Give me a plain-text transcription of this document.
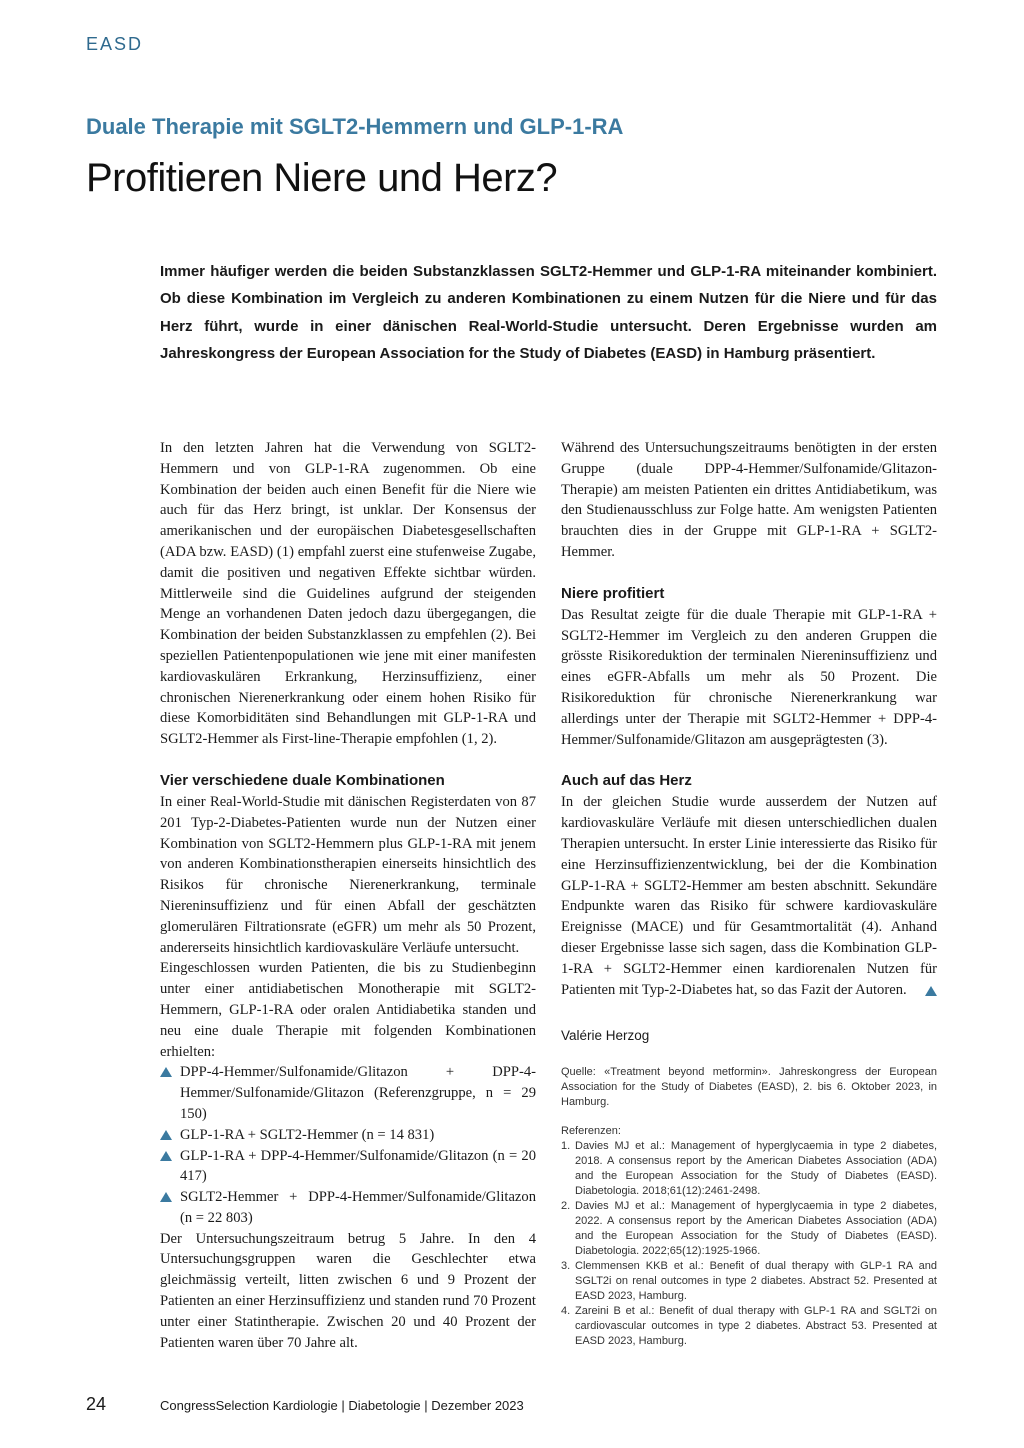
EASD
Duale Therapie mit SGLT2-Hemmern und GLP-1-RA
Profitieren Niere und Herz?

Immer häufiger werden die beiden Substanzklassen SGLT2-Hemmer und GLP-1-RA miteinander kombiniert. Ob diese Kombination im Vergleich zu anderen Kombinationen zu einem Nutzen für die Niere und für das Herz führt, wurde in einer dänischen Real-World-Studie untersucht. Deren Ergebnisse wurden am Jahreskongress der European Association for the Study of Diabetes (EASD) in Hamburg präsentiert.

In den letzten Jahren hat die Verwendung von SGLT2-Hemmern und von GLP-1-RA zugenommen. Ob eine Kombination der beiden auch einen Benefit für die Niere wie auch für das Herz bringt, ist unklar. Der Konsensus der amerikanischen und der europäischen Diabetesgesellschaften (ADA bzw. EASD) (1) empfahl zuerst eine stufenweise Zugabe, damit die positiven und negativen Effekte sichtbar würden. Mittlerweile sind die Guidelines aufgrund der steigenden Menge an vorhandenen Daten jedoch dazu übergegangen, die Kombination der beiden Substanzklassen zu empfehlen (2). Bei speziellen Patientenpopulationen wie jene mit einer manifesten kardiovaskulären Erkrankung, Herzinsuffizienz, einer chronischen Nierenerkrankung oder einem hohen Risiko für diese Komorbiditäten sind Behandlungen mit GLP-1-RA und SGLT2-Hemmer als First-line-Therapie empfohlen (1, 2).

Vier verschiedene duale Kombinationen

In einer Real-World-Studie mit dänischen Registerdaten von 87 201 Typ-2-Diabetes-Patienten wurde nun der Nutzen einer Kombination von SGLT2-Hemmern plus GLP-1-RA mit jenem von anderen Kombinationstherapien einerseits hinsichtlich des Risikos für chronische Nierenerkrankung, terminale Niereninsuffizienz und für einen Abfall der geschätzten glomerulären Filtrationsrate (eGFR) um mehr als 50 Prozent, andererseits hinsichtlich kardiovaskuläre Verläufe untersucht.

Eingeschlossen wurden Patienten, die bis zu Studienbeginn unter einer antidiabetischen Monotherapie mit SGLT2-Hemmern, GLP-1-RA oder oralen Antidiabetika standen und neu eine duale Therapie mit folgenden Kombinationen erhielten:

DPP-4-Hemmer/Sulfonamide/Glitazon + DPP-4-Hemmer/Sulfonamide/Glitazon (Referenzgruppe, n = 29 150)
GLP-1-RA + SGLT2-Hemmer (n = 14 831)
GLP-1-RA + DPP-4-Hemmer/Sulfonamide/Glitazon (n = 20 417)
SGLT2-Hemmer + DPP-4-Hemmer/Sulfonamide/Glitazon (n = 22 803)

Der Untersuchungszeitraum betrug 5 Jahre. In den 4 Untersuchungsgruppen waren die Geschlechter etwa gleichmässig verteilt, litten zwischen 6 und 9 Prozent der Patienten an einer Herzinsuffizienz und standen rund 70 Prozent unter einer Statintherapie. Zwischen 20 und 40 Prozent der Patienten waren über 70 Jahre alt.

Während des Untersuchungszeitraums benötigten in der ersten Gruppe (duale DPP-4-Hemmer/Sulfonamide/Glitazon-Therapie) am meisten Patienten ein drittes Antidiabetikum, was den Studienausschluss zur Folge hatte. Am wenigsten Patienten brauchten dies in der Gruppe mit GLP-1-RA + SGLT2-Hemmer.

Niere profitiert

Das Resultat zeigte für die duale Therapie mit GLP-1-RA + SGLT2-Hemmer im Vergleich zu den anderen Gruppen die grösste Risikoreduktion der terminalen Niereninsuffizienz und eines eGFR-Abfalls um mehr als 50 Prozent. Die Risikoreduktion für chronische Nierenerkrankung war allerdings unter der Therapie mit SGLT2-Hemmer + DPP-4-Hemmer/Sulfonamide/Glitazon am ausgeprägtesten (3).

Auch auf das Herz

In der gleichen Studie wurde ausserdem der Nutzen auf kardiovaskuläre Verläufe mit diesen unterschiedlichen dualen Therapien untersucht. In erster Linie interessierte das Risiko für eine Herzinsuffizienzentwicklung, bei der die Kombination GLP-1-RA + SGLT2-Hemmer am besten abschnitt. Sekundäre Endpunkte waren das Risiko für schwere kardiovaskuläre Ereignisse (MACE) und für Gesamtmortalität (4). Anhand dieser Ergebnisse lasse sich sagen, dass die Kombination GLP-1-RA + SGLT2-Hemmer einen kardiorenalen Nutzen für Patienten mit Typ-2-Diabetes hat, so das Fazit der Autoren.

Valérie Herzog
Quelle: «Treatment beyond metformin». Jahreskongress der European Association for the Study of Diabetes (EASD), 2. bis 6. Oktober 2023, in Hamburg.
Referenzen:
1. Davies MJ et al.: Management of hyperglycaemia in type 2 diabetes, 2018. A consensus report by the American Diabetes Association (ADA) and the European Association for the Study of Diabetes (EASD). Diabetologia. 2018;61(12):2461-2498.
2. Davies MJ et al.: Management of hyperglycaemia in type 2 diabetes, 2022. A consensus report by the American Diabetes Association (ADA) and the European Association for the Study of Diabetes (EASD). Diabetologia. 2022;65(12):1925-1966.
3. Clemmensen KKB et al.: Benefit of dual therapy with GLP-1 RA and SGLT2i on renal outcomes in type 2 diabetes. Abstract 52. Presented at EASD 2023, Hamburg.
4. Zareini B et al.: Benefit of dual therapy with GLP-1 RA and SGLT2i on cardiovascular outcomes in type 2 diabetes. Abstract 53. Presented at EASD 2023, Hamburg.
24	CongressSelection Kardiologie | Diabetologie | Dezember 2023
